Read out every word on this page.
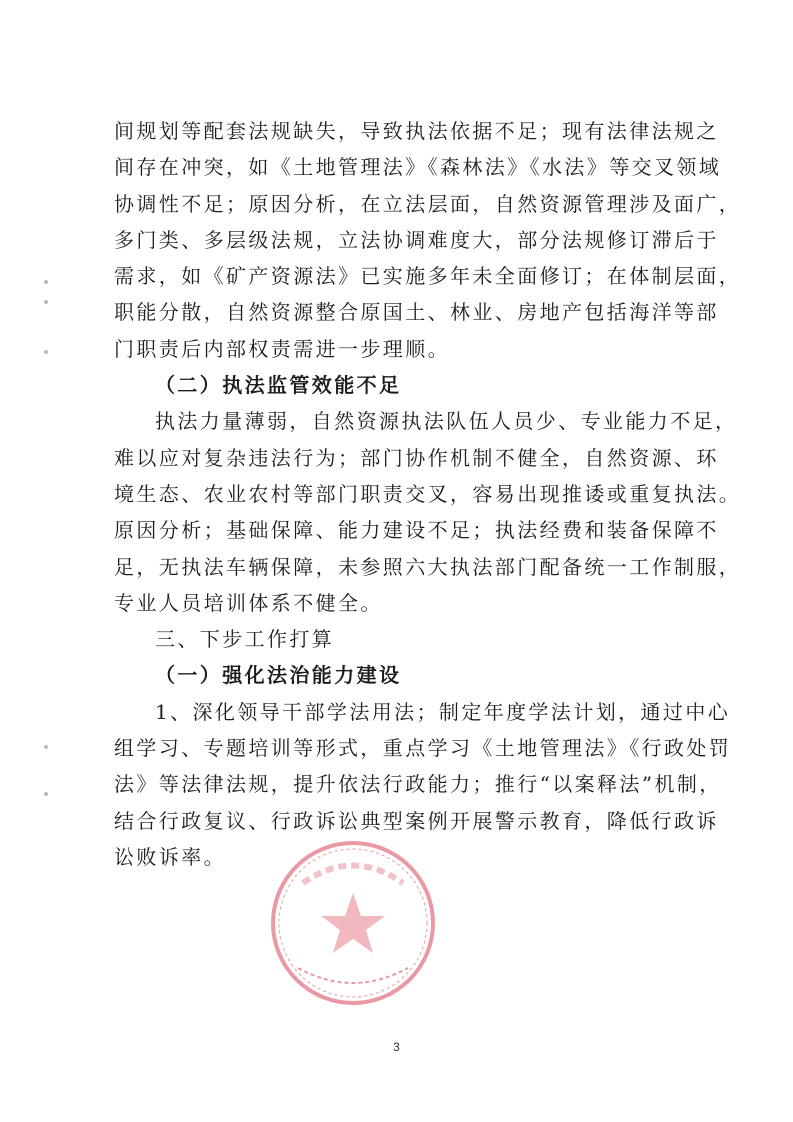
间规划等配套法规缺失，导致执法依据不足；现有法律法规之
间存在冲突，如《土地管理法》《森林法》《水法》等交叉领域
协调性不足；原因分析，在立法层面，自然资源管理涉及面广，
多门类、多层级法规，立法协调难度大，部分法规修订滞后于
需求，如《矿产资源法》已实施多年未全面修订；在体制层面，
职能分散，自然资源整合原国土、林业、房地产包括海洋等部
门职责后内部权责需进一步理顺。
（二）执法监管效能不足
执法力量薄弱，自然资源执法队伍人员少、专业能力不足，
难以应对复杂违法行为；部门协作机制不健全，自然资源、环
境生态、农业农村等部门职责交叉，容易出现推诿或重复执法。
原因分析；基础保障、能力建设不足；执法经费和装备保障不
足，无执法车辆保障，未参照六大执法部门配备统一工作制服，
专业人员培训体系不健全。
三、下步工作打算
（一）强化法治能力建设
1、深化领导干部学法用法；制定年度学法计划，通过中心
组学习、专题培训等形式，重点学习《土地管理法》《行政处罚
法》等法律法规，提升依法行政能力；推行“以案释法”机制，
结合行政复议、行政诉讼典型案例开展警示教育，降低行政诉
讼败诉率。
3
